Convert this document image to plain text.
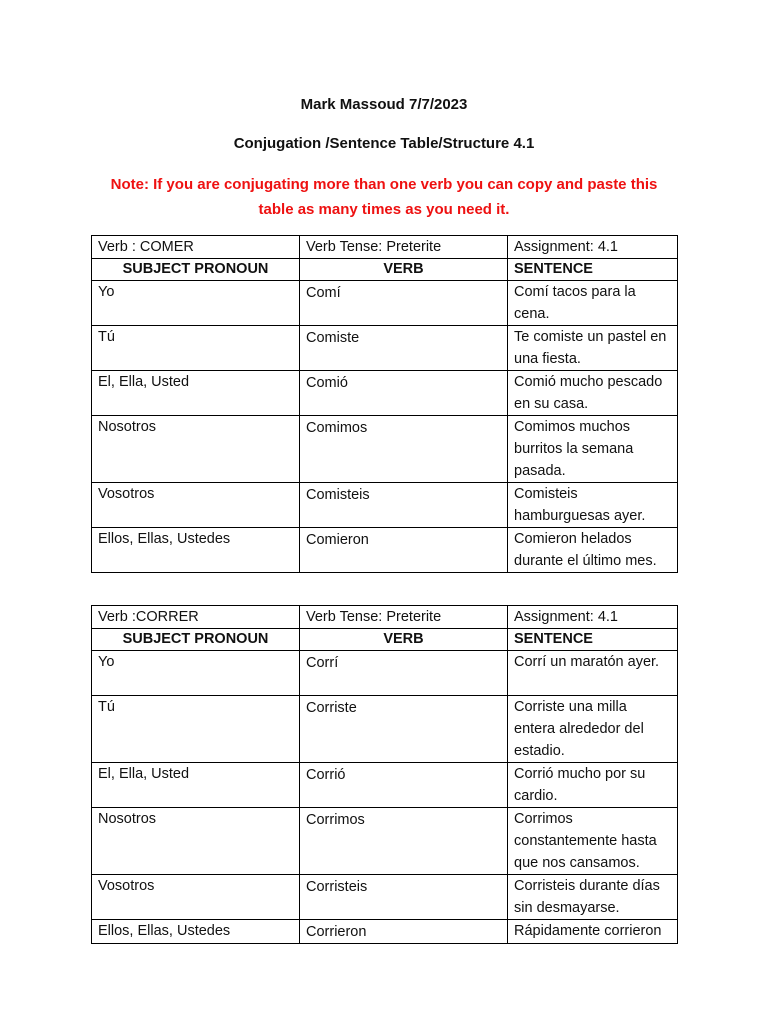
Mark Massoud 7/7/2023
Conjugation /Sentence Table/Structure 4.1
Note: If you are conjugating more than one verb you can copy and paste this table as many times as you need it.
Verb : COMER	Verb Tense: Preterite	Assignment: 4.1
SUBJECT PRONOUN	VERB	SENTENCE
Yo	Comí	Comí tacos para la cena.
Tú	Comiste	Te comiste un pastel en una fiesta.
El, Ella, Usted	Comió	Comió mucho pescado en su casa.
Nosotros	Comimos	Comimos muchos burritos la semana pasada.
Vosotros	Comisteis	Comisteis hamburguesas ayer.
Ellos, Ellas, Ustedes	Comieron	Comieron helados durante el último mes.
Verb :CORRER	Verb Tense: Preterite	Assignment: 4.1
SUBJECT PRONOUN	VERB	SENTENCE
Yo	Corrí	Corrí un maratón ayer.
Tú	Corriste	Corriste una milla entera alrededor del estadio.
El, Ella, Usted	Corrió	Corrió mucho por su cardio.
Nosotros	Corrimos	Corrimos constantemente hasta que nos cansamos.
Vosotros	Corristeis	Corristeis durante días sin desmayarse.
Ellos, Ellas, Ustedes	Corrieron	Rápidamente corrieron
